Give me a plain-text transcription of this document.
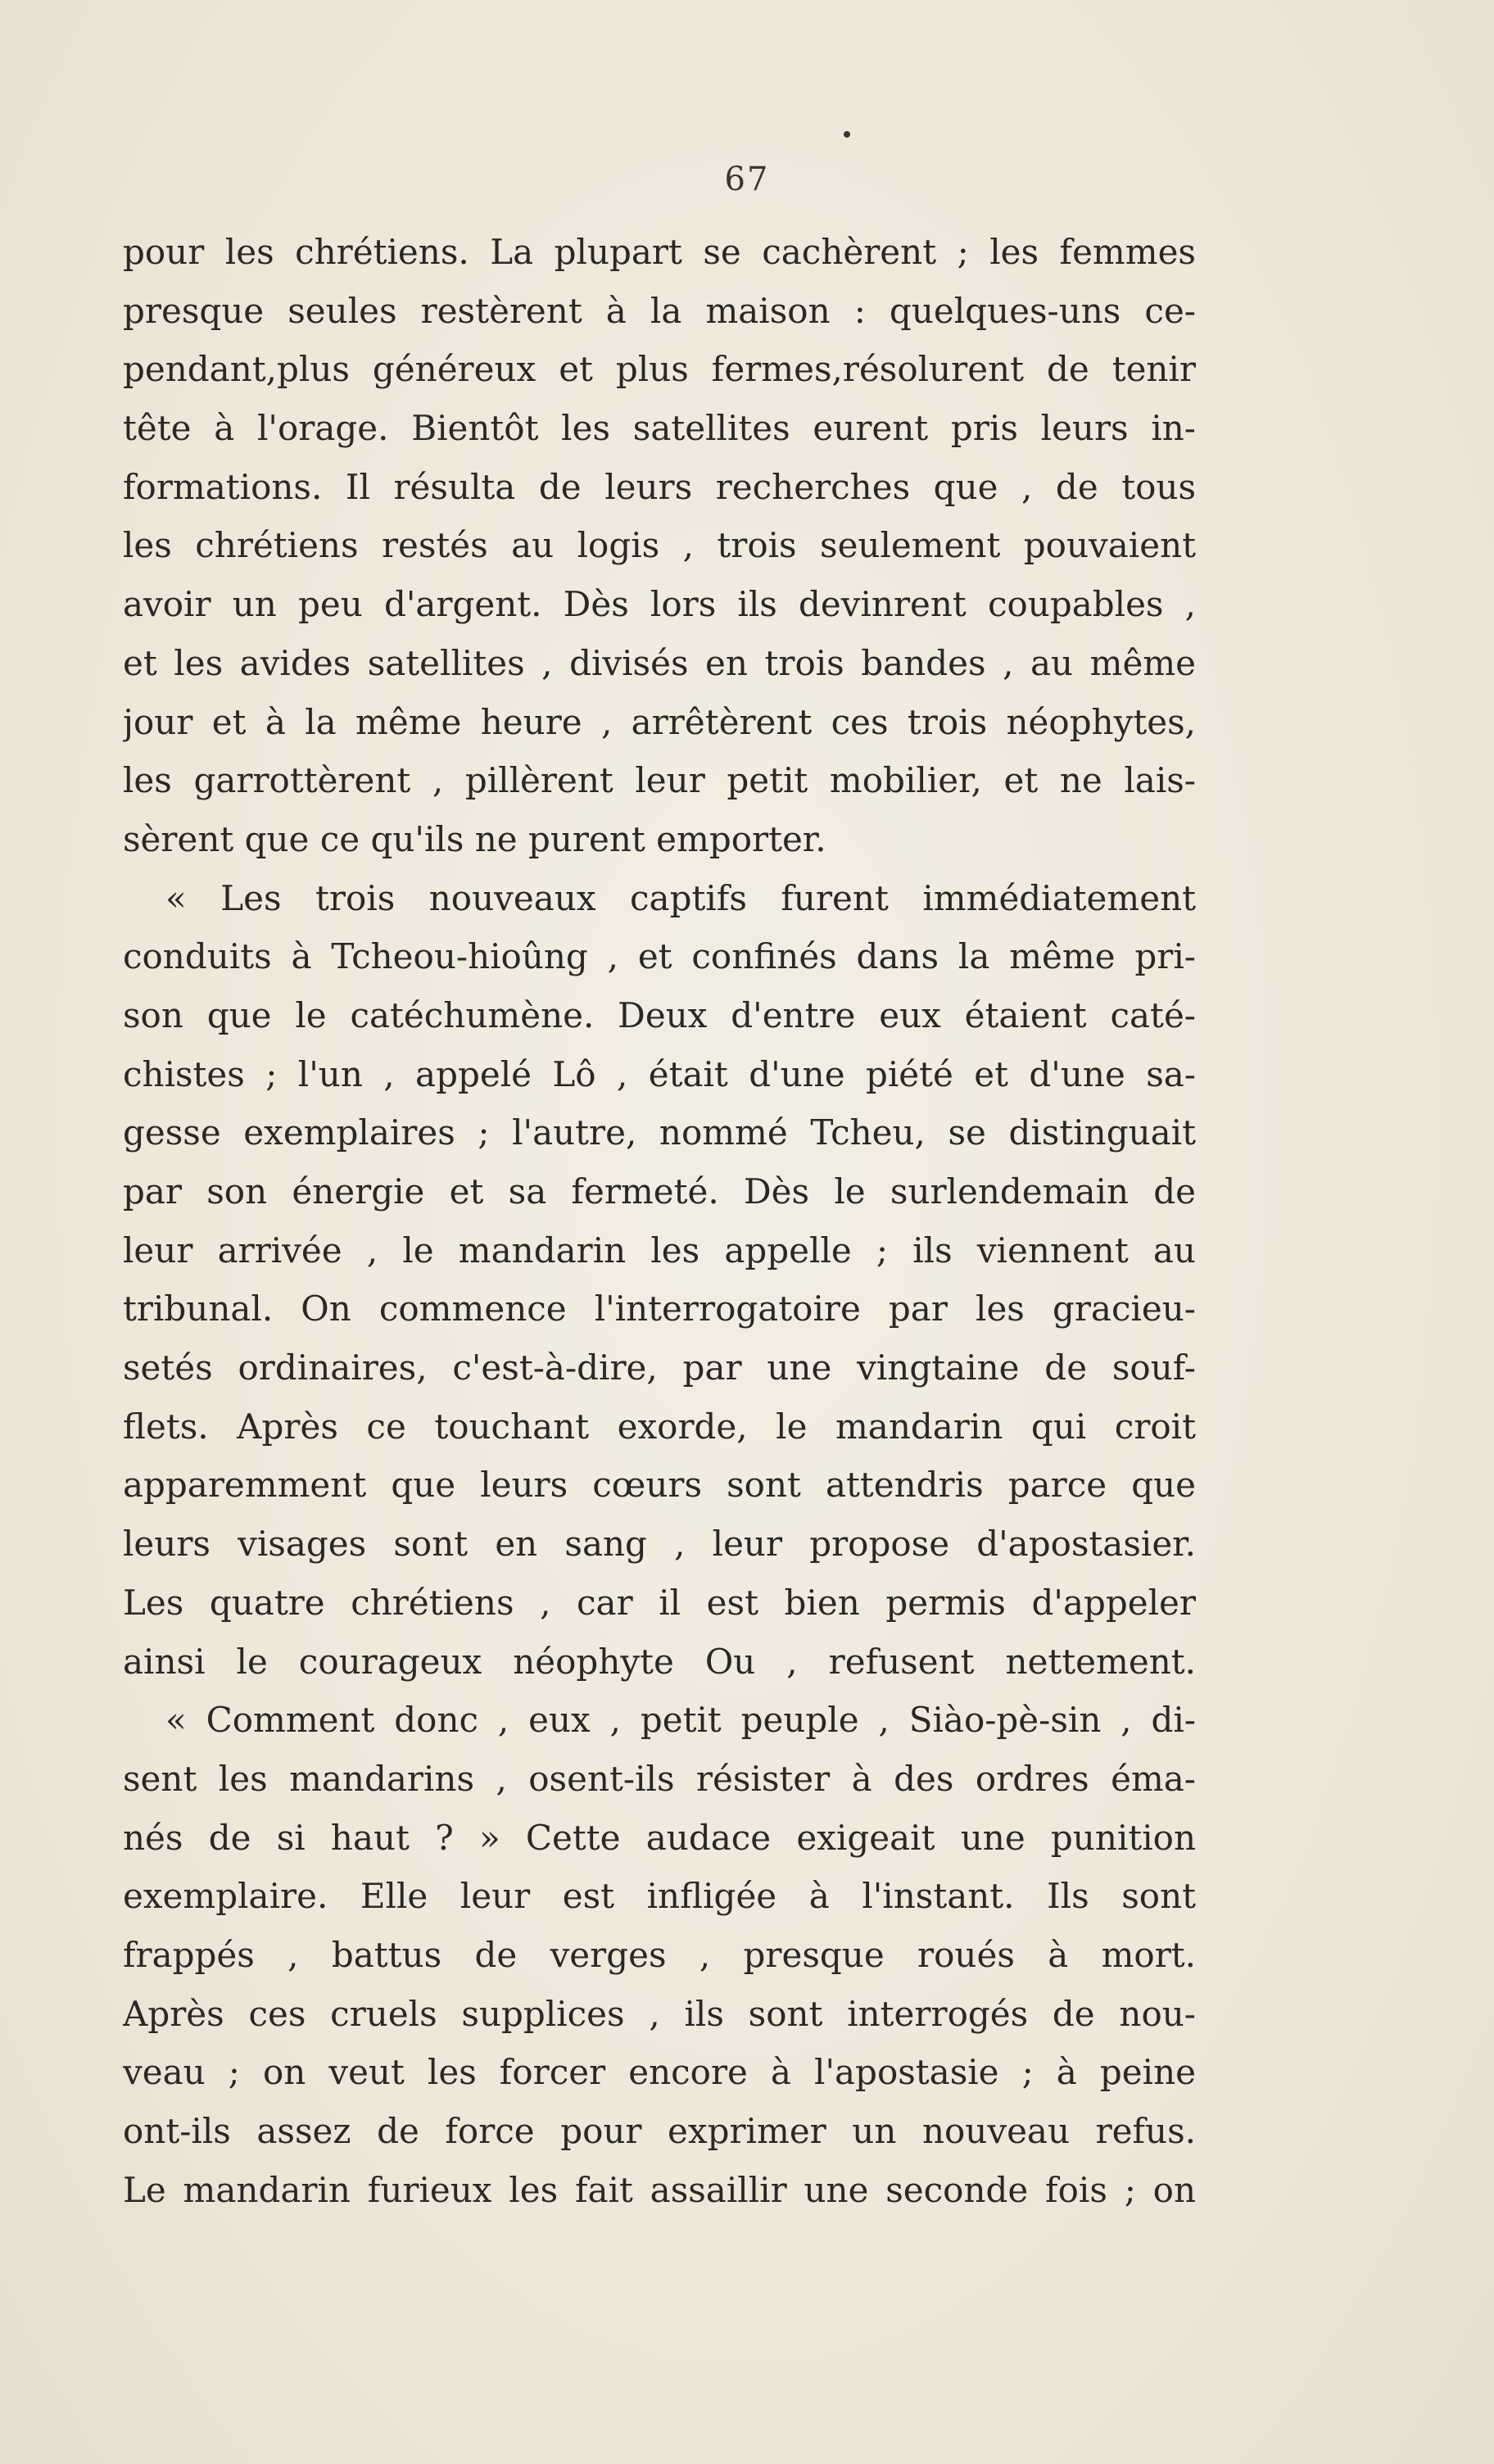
67
pour les chrétiens. La plupart se cachèrent ; les femmes
presque seules restèrent à la maison : quelques-uns ce-
pendant,plus généreux et plus fermes,résolurent de tenir
tête à l'orage. Bientôt les satellites eurent pris leurs in-
formations. Il résulta de leurs recherches que , de tous
les chrétiens restés au logis , trois seulement pouvaient
avoir un peu d'argent. Dès lors ils devinrent coupables ,
et les avides satellites , divisés en trois bandes , au même
jour et à la même heure , arrêtèrent ces trois néophytes,
les garrottèrent , pillèrent leur petit mobilier, et ne lais-
sèrent que ce qu'ils ne purent emporter.
« Les trois nouveaux captifs furent immédiatement
conduits à Tcheou-hioûng , et confinés dans la même pri-
son que le catéchumène. Deux d'entre eux étaient caté-
chistes ; l'un , appelé Lô , était d'une piété et d'une sa-
gesse exemplaires ; l'autre, nommé Tcheu, se distinguait
par son énergie et sa fermeté. Dès le surlendemain de
leur arrivée , le mandarin les appelle ; ils viennent au
tribunal. On commence l'interrogatoire par les gracieu-
setés ordinaires, c'est-à-dire, par une vingtaine de souf-
flets. Après ce touchant exorde, le mandarin qui croit
apparemment que leurs cœurs sont attendris parce que
leurs visages sont en sang , leur propose d'apostasier.
Les quatre chrétiens , car il est bien permis d'appeler
ainsi le courageux néophyte Ou , refusent nettement.
« Comment donc , eux , petit peuple , Siào-pè-sin , di-
sent les mandarins , osent-ils résister à des ordres éma-
nés de si haut ? » Cette audace exigeait une punition
exemplaire. Elle leur est infligée à l'instant. Ils sont
frappés , battus de verges , presque roués à mort.
Après ces cruels supplices , ils sont interrogés de nou-
veau ; on veut les forcer encore à l'apostasie ; à peine
ont-ils assez de force pour exprimer un nouveau refus.
Le mandarin furieux les fait assaillir une seconde fois ; on
